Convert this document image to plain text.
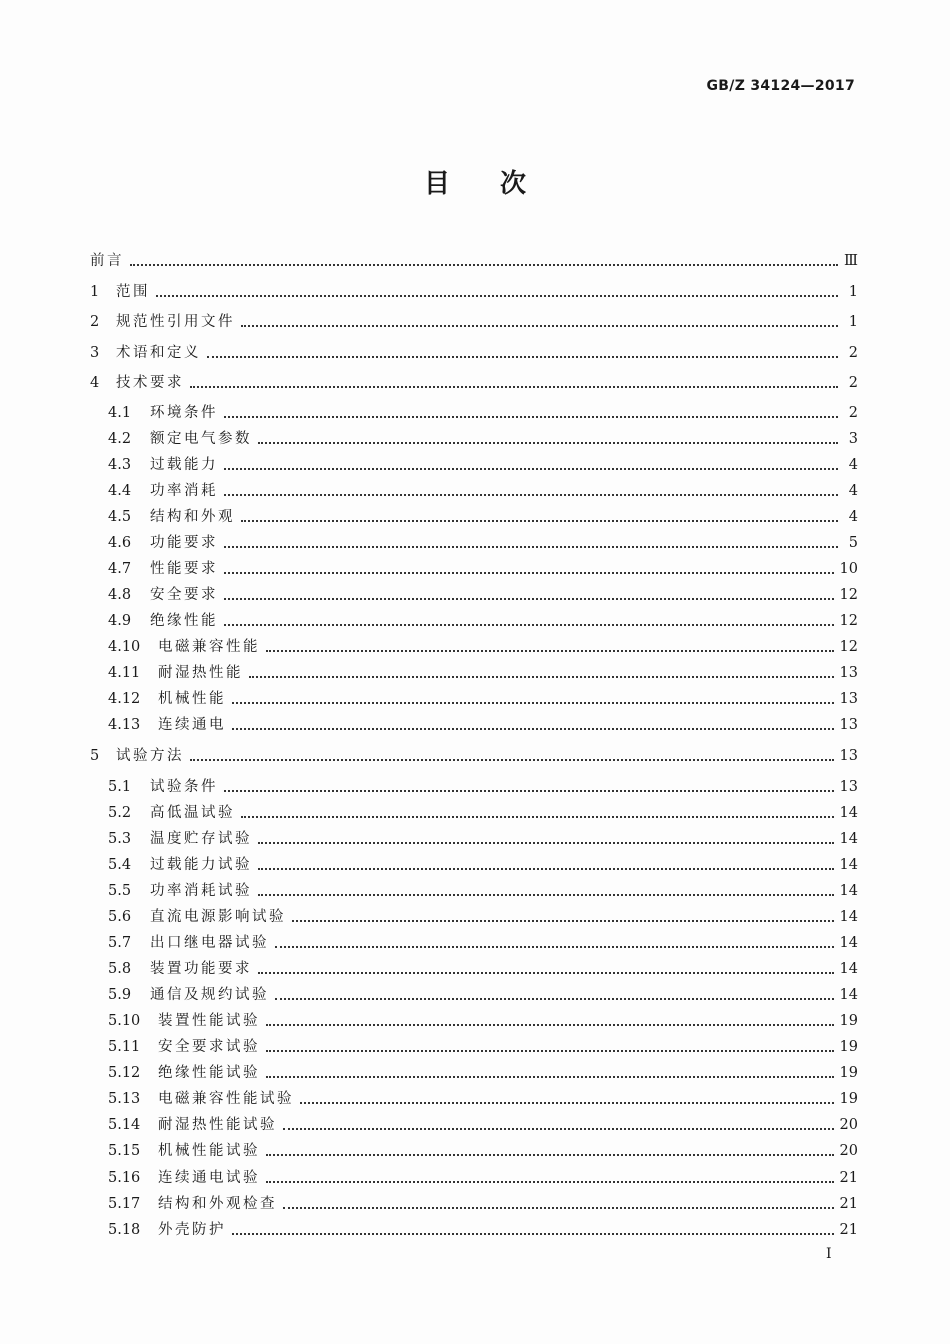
GB/Z 34124—2017
目 次
前言	Ⅲ
1	范围	1
2	规范性引用文件	1
3	术语和定义	2
4	技术要求	2
4.1	环境条件	2
4.2	额定电气参数	3
4.3	过载能力	4
4.4	功率消耗	4
4.5	结构和外观	4
4.6	功能要求	5
4.7	性能要求	10
4.8	安全要求	12
4.9	绝缘性能	12
4.10	电磁兼容性能	12
4.11	耐湿热性能	13
4.12	机械性能	13
4.13	连续通电	13
5	试验方法	13
5.1	试验条件	13
5.2	高低温试验	14
5.3	温度贮存试验	14
5.4	过载能力试验	14
5.5	功率消耗试验	14
5.6	直流电源影响试验	14
5.7	出口继电器试验	14
5.8	装置功能要求	14
5.9	通信及规约试验	14
5.10	装置性能试验	19
5.11	安全要求试验	19
5.12	绝缘性能试验	19
5.13	电磁兼容性能试验	19
5.14	耐湿热性能试验	20
5.15	机械性能试验	20
5.16	连续通电试验	21
5.17	结构和外观检查	21
5.18	外壳防护	21
I
